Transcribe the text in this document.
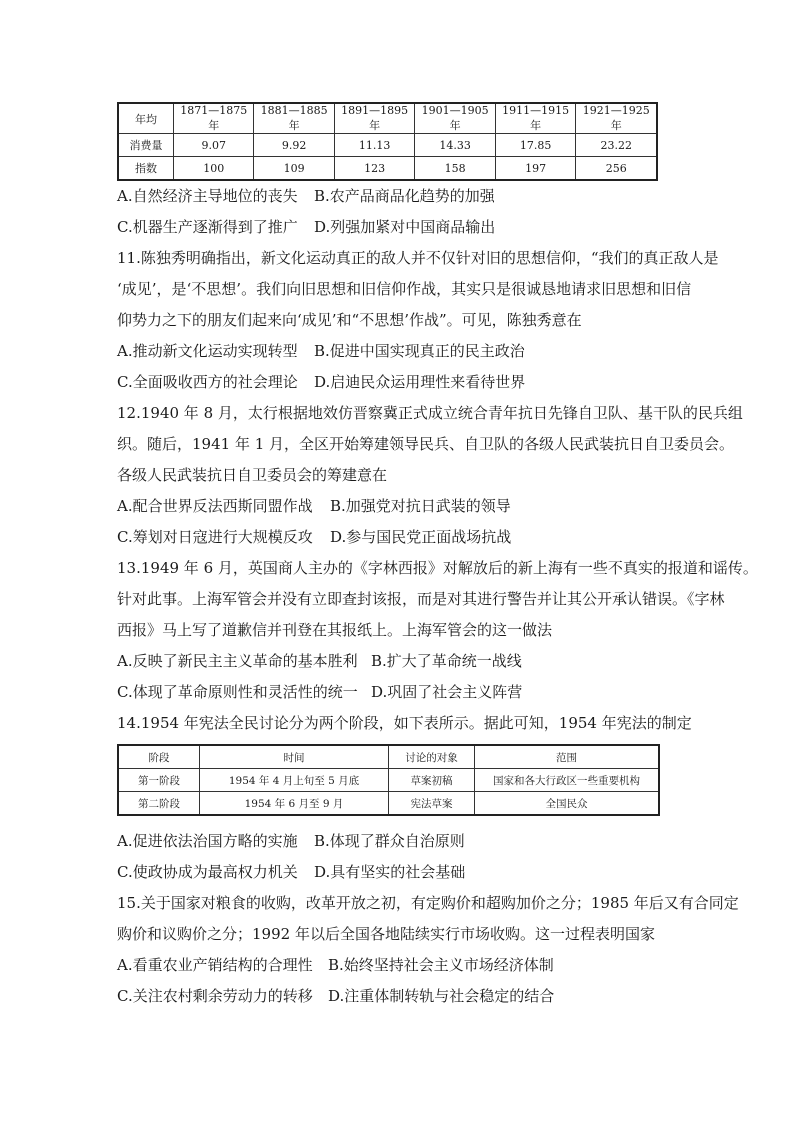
年均	1871—1875 年	1881—1885 年	1891—1895 年	1901—1905 年	1911—1915 年	1921—1925 年
消费量	9.07	9.92	11.13	14.33	17.85	23.22
指数	100	109	123	158	197	256
A.自然经济主导地位的丧失 B.农产品商品化趋势的加强
C.机器生产逐渐得到了推广 D.列强加紧对中国商品输出
11.陈独秀明确指出，新文化运动真正的敌人并不仅针对旧的思想信仰，“我们的真正敌人是
‘成见’，是‘不思想’。我们向旧思想和旧信仰作战，其实只是很诚恳地请求旧思想和旧信
仰势力之下的朋友们起来向‘成见’和“不思想’作战”。可见，陈独秀意在
A.推动新文化运动实现转型 B.促进中国实现真正的民主政治
C.全面吸收西方的社会理论 D.启迪民众运用理性来看待世界
12.1940 年 8 月，太行根据地效仿晋察冀正式成立统合青年抗日先锋自卫队、基干队的民兵组
织。随后，1941 年 1 月，全区开始筹建领导民兵、自卫队的各级人民武装抗日自卫委员会。
各级人民武装抗日自卫委员会的筹建意在
A.配合世界反法西斯同盟作战 B.加强党对抗日武装的领导
C.筹划对日寇进行大规模反攻 D.参与国民党正面战场抗战
13.1949 年 6 月，英国商人主办的《字林西报》对解放后的新上海有一些不真实的报道和谣传。
针对此事。上海军管会并没有立即查封该报，而是对其进行警告并让其公开承认错误。《字林
西报》马上写了道歉信并刊登在其报纸上。上海军管会的这一做法
A.反映了新民主主义革命的基本胜利 B.扩大了革命统一战线
C.体现了革命原则性和灵活性的统一 D.巩固了社会主义阵营
14.1954 年宪法全民讨论分为两个阶段，如下表所示。据此可知，1954 年宪法的制定
阶段	时间	讨论的对象	范围
第一阶段	1954 年 4 月上旬至 5 月底	草案初稿	国家和各大行政区一些重要机构
第二阶段	1954 年 6 月至 9 月	宪法草案	全国民众
A.促进依法治国方略的实施 B.体现了群众自治原则
C.使政协成为最高权力机关 D.具有坚实的社会基础
15.关于国家对粮食的收购，改革开放之初，有定购价和超购加价之分；1985 年后又有合同定
购价和议购价之分；1992 年以后全国各地陆续实行市场收购。这一过程表明国家
A.看重农业产销结构的合理性 B.始终坚持社会主义市场经济体制
C.关注农村剩余劳动力的转移 D.注重体制转轨与社会稳定的结合
